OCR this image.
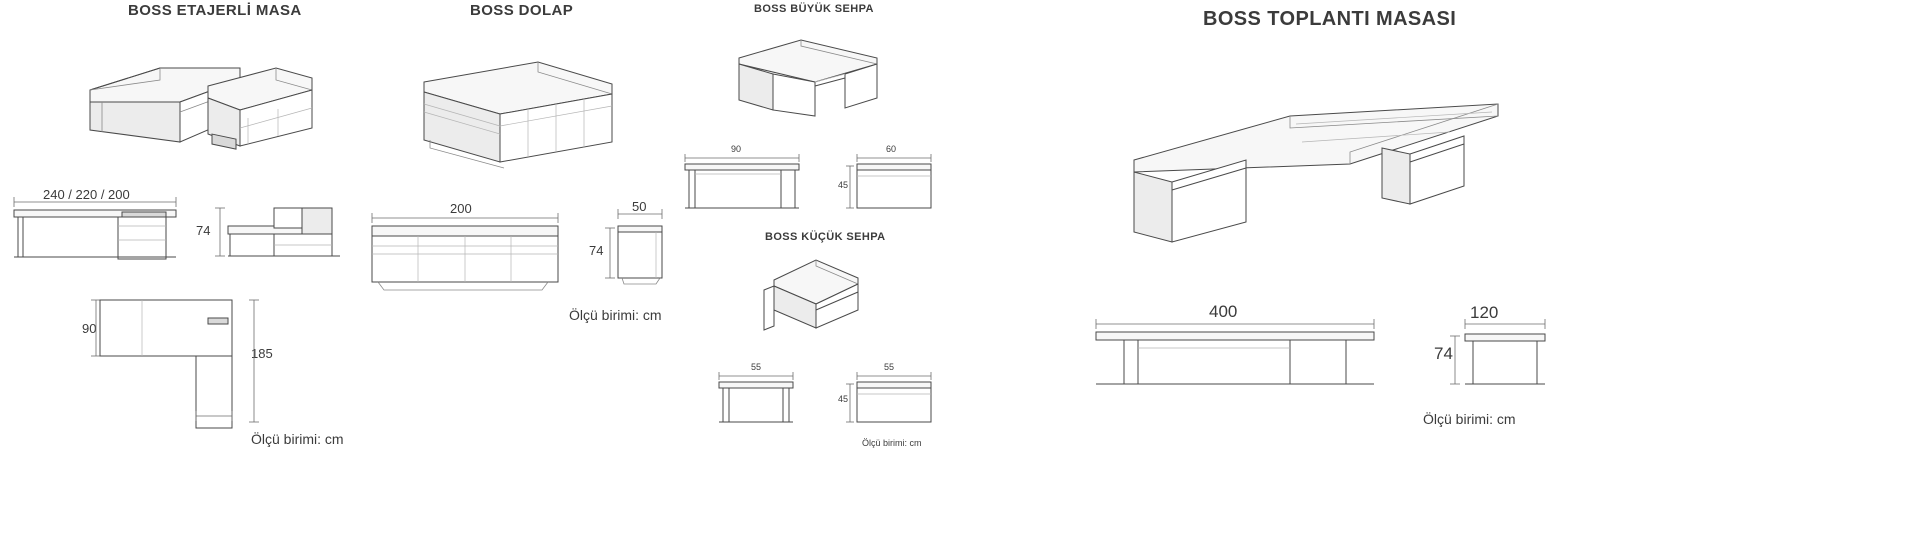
BOSS ETAJERLİ MASA
240 / 220 / 200
74
90
185
Ölçü birimi: cm
BOSS DOLAP
200	50
74
Ölçü birimi: cm
BOSS BÜYÜK SEHPA
90	60
45
BOSS KÜÇÜK SEHPA
55	55
45
Ölçü birimi: cm
BOSS TOPLANTI MASASI
400	120
74
Ölçü birimi: cm
